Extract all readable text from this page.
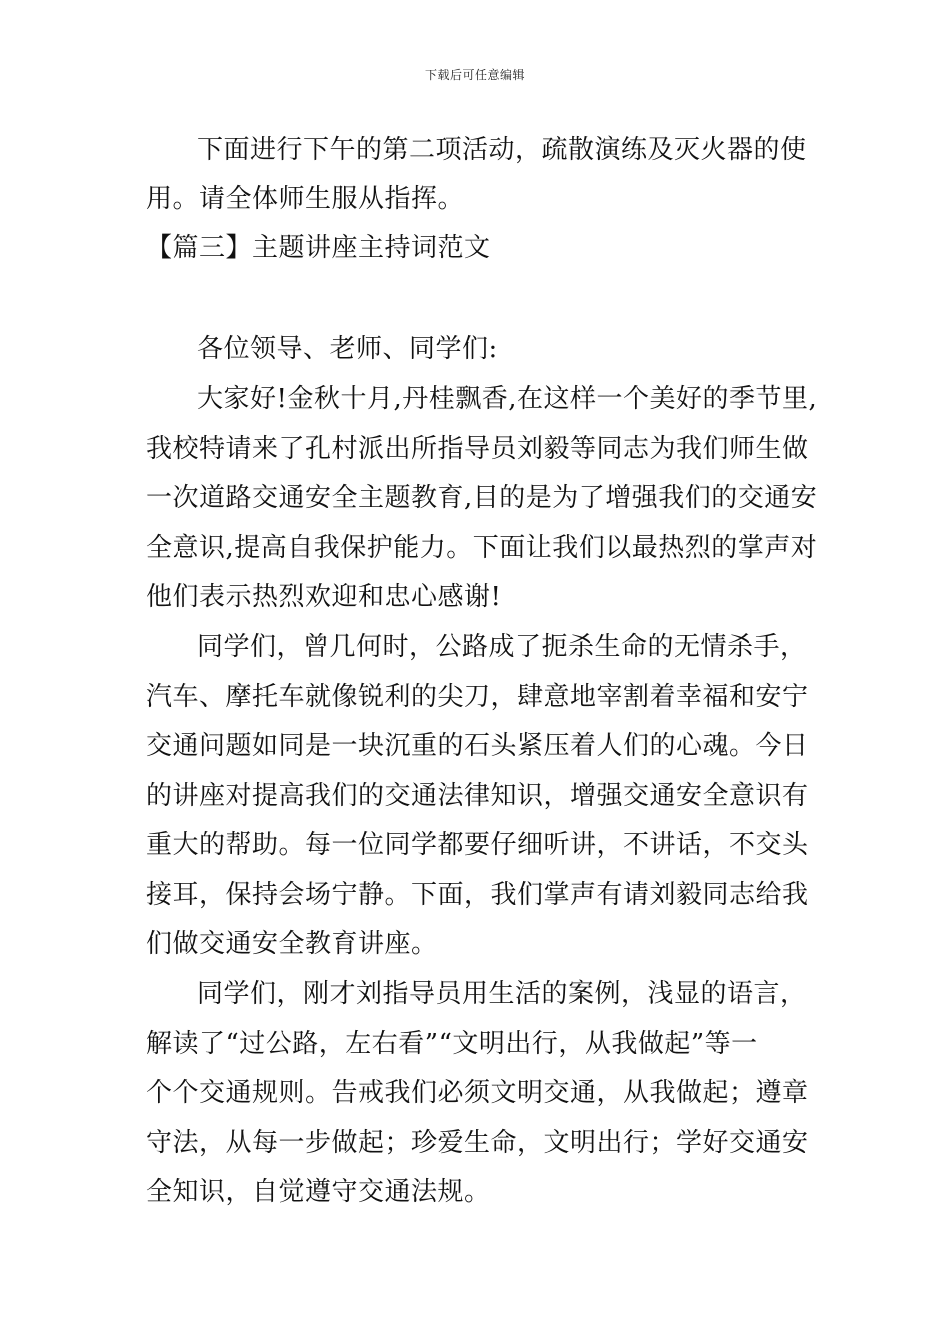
下载后可任意编辑
下面进行下午的第二项活动，疏散演练及灭火器的使
用。请全体师生服从指挥。
【篇三】主题讲座主持词范文
各位领导、老师、同学们:
大家好!金秋十月,丹桂飘香,在这样一个美好的季节里,
我校特请来了孔村派出所指导员刘毅等同志为我们师生做
一次道路交通安全主题教育,目的是为了增强我们的交通安
全意识,提高自我保护能力。下面让我们以最热烈的掌声对
他们表示热烈欢迎和忠心感谢!
同学们，曾几何时，公路成了扼杀生命的无情杀手，
汽车、摩托车就像锐利的尖刀，肆意地宰割着幸福和安宁
交通问题如同是一块沉重的石头紧压着人们的心魂。今日
的讲座对提高我们的交通法律知识，增强交通安全意识有
重大的帮助。每一位同学都要仔细听讲，不讲话，不交头
接耳，保持会场宁静。下面，我们掌声有请刘毅同志给我
们做交通安全教育讲座。
同学们，刚才刘指导员用生活的案例，浅显的语言，
解读了“过公路，左右看”“文明出行，从我做起”等一
个个交通规则。告戒我们必须文明交通，从我做起；遵章
守法，从每一步做起；珍爱生命，文明出行；学好交通安
全知识，自觉遵守交通法规。
